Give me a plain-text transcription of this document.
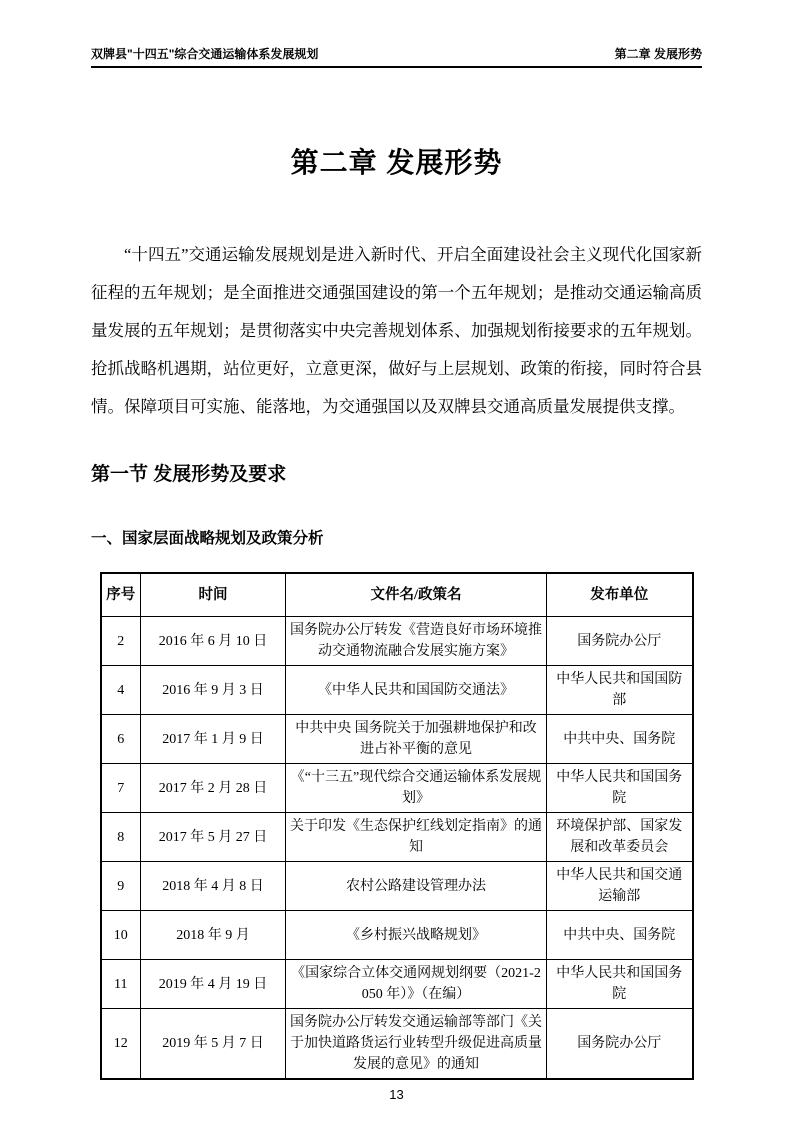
双牌县"十四五"综合交通运输体系发展规划	第二章 发展形势
第二章 发展形势

“十四五”交通运输发展规划是进入新时代、开启全面建设社会主义现代化国家新征程的五年规划；是全面推进交通强国建设的第一个五年规划；是推动交通运输高质量发展的五年规划；是贯彻落实中央完善规划体系、加强规划衔接要求的五年规划。抢抓战略机遇期，站位更好，立意更深，做好与上层规划、政策的衔接，同时符合县情。保障项目可实施、能落地，为交通强国以及双牌县交通高质量发展提供支撑。

第一节 发展形势及要求
一、国家层面战略规划及政策分析
序号	时间	文件名/政策名	发布单位
2	2016 年 6 月 10 日	国务院办公厅转发《营造良好市场环境推动交通物流融合发展实施方案》	国务院办公厅
4	2016 年 9 月 3 日	《中华人民共和国国防交通法》	中华人民共和国国防部
6	2017 年 1 月 9 日	中共中央 国务院关于加强耕地保护和改进占补平衡的意见	中共中央、国务院
7	2017 年 2 月 28 日	《“十三五”现代综合交通运输体系发展规划》	中华人民共和国国务院
8	2017 年 5 月 27 日	关于印发《生态保护红线划定指南》的通知	环境保护部、国家发展和改革委员会
9	2018 年 4 月 8 日	农村公路建设管理办法	中华人民共和国交通运输部
10	2018 年 9 月	《乡村振兴战略规划》	中共中央、国务院
11	2019 年 4 月 19 日	《国家综合立体交通网规划纲要（2021-2050 年）》（在编）	中华人民共和国国务院
12	2019 年 5 月 7 日	国务院办公厅转发交通运输部等部门《关于加快道路货运行业转型升级促进高质量发展的意见》的通知	国务院办公厅
13
